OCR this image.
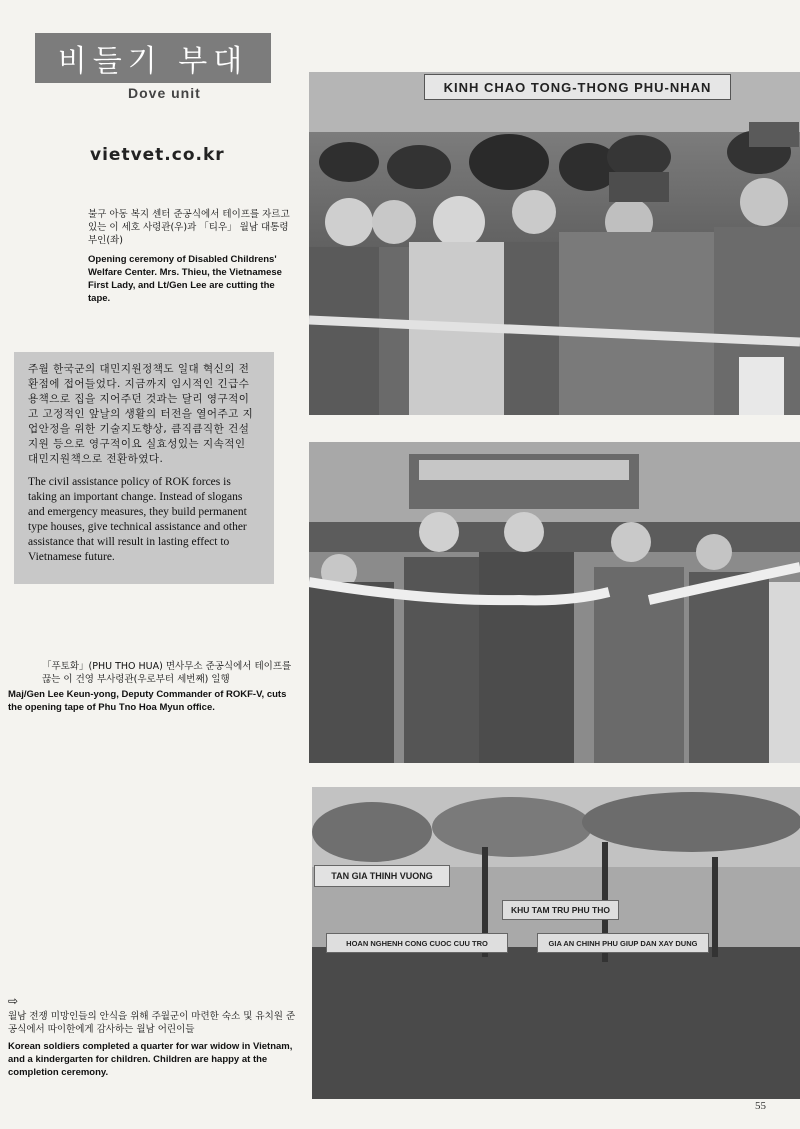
비들기 부대
Dove unit
vietvet.co.kr
불구 아동 복지 센터 준공식에서 테이프를 자르고 있는 이 세호 사령관(우)과 「티우」 월남 대통령 부인(좌)
Opening ceremony of Disabled Childrens' Welfare Center. Mrs. Thieu, the Vietnamese First Lady, and Lt/Gen Lee are cutting the tape.
주월 한국군의 대민지원정책도 일대 혁신의 전환점에 접어들었다. 지금까지 임시적인 긴급수용책으로 집을 지어주던 것과는 달리 영구적이고 고정적인 앞날의 생활의 터전을 열어주고 지업안정을 위한 기술지도향상, 큼직큼직한 건설지원 등으로 영구적이요 실효성있는 지속적인 대민지원책으로 전환하였다.
The civil assistance policy of ROK forces is taking an important change. Instead of slogans and emergency measures, they build permanent type houses, give technical assistance and other assistance that will result in lasting effect to Vietnamese future.
「푸토화」(PHU THO HUA) 면사무소 준공식에서 테이프를 끊는 이 건영 부사령관(우로부터 세번째) 일행
Maj/Gen Lee Keun-yong, Deputy Commander of ROKF-V, cuts the opening tape of Phu Tno Hoa Myun office.
⇨
월남 전쟁 미망인들의 안식을 위해 주월군이 마련한 숙소 및 유치원 준공식에서 따이한에게 감사하는 월남 어린이들
Korean soldiers completed a quarter for war widow in Vietnam, and a kindergarten for children. Children are happy at the completion ceremony.
KINH CHAO TONG-THONG PHU-NHAN
TAN GIA THINH VUONG
KHU TAM TRU PHU THO
HOAN NGHENH CONG CUOC CUU TRO	GIA AN CHINH PHU GIUP DAN XAY DUNG
55
